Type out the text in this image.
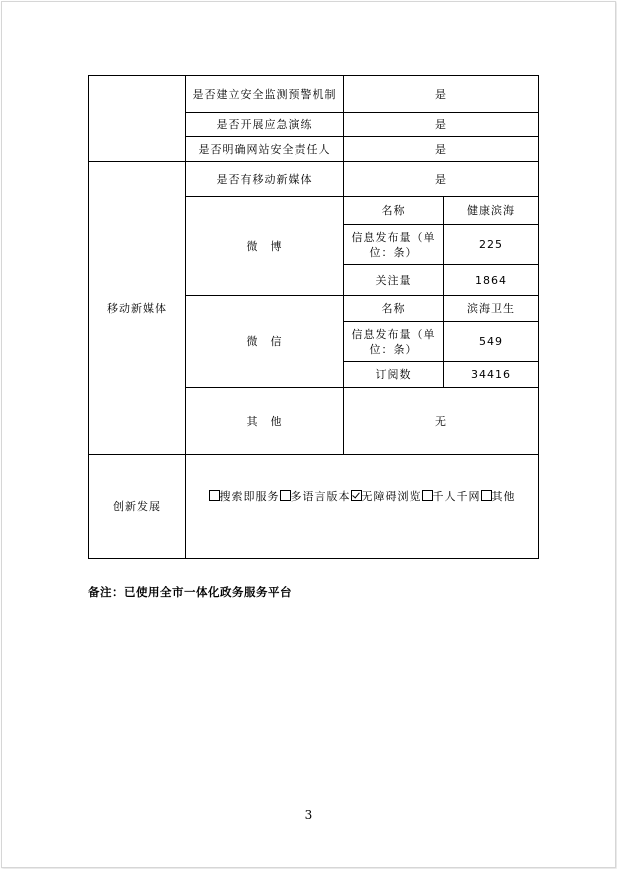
	是否建立安全监测预警机制	是	
	是否开展应急演练	是	
	是否明确网站安全责任人	是	
移动新媒体	是否有移动新媒体	是	
	微　博	名称	健康滨海
		信息发布量（单位：条）	225
		关注量	1864
	微　信	名称	滨海卫生
		信息发布量（单位：条）	549
		订阅数	34416
	其　他	无	
创新发展	搜索即服务 多语言版本 无障碍浏览 千人千网 其他		
备注：已使用全市一体化政务服务平台
3
